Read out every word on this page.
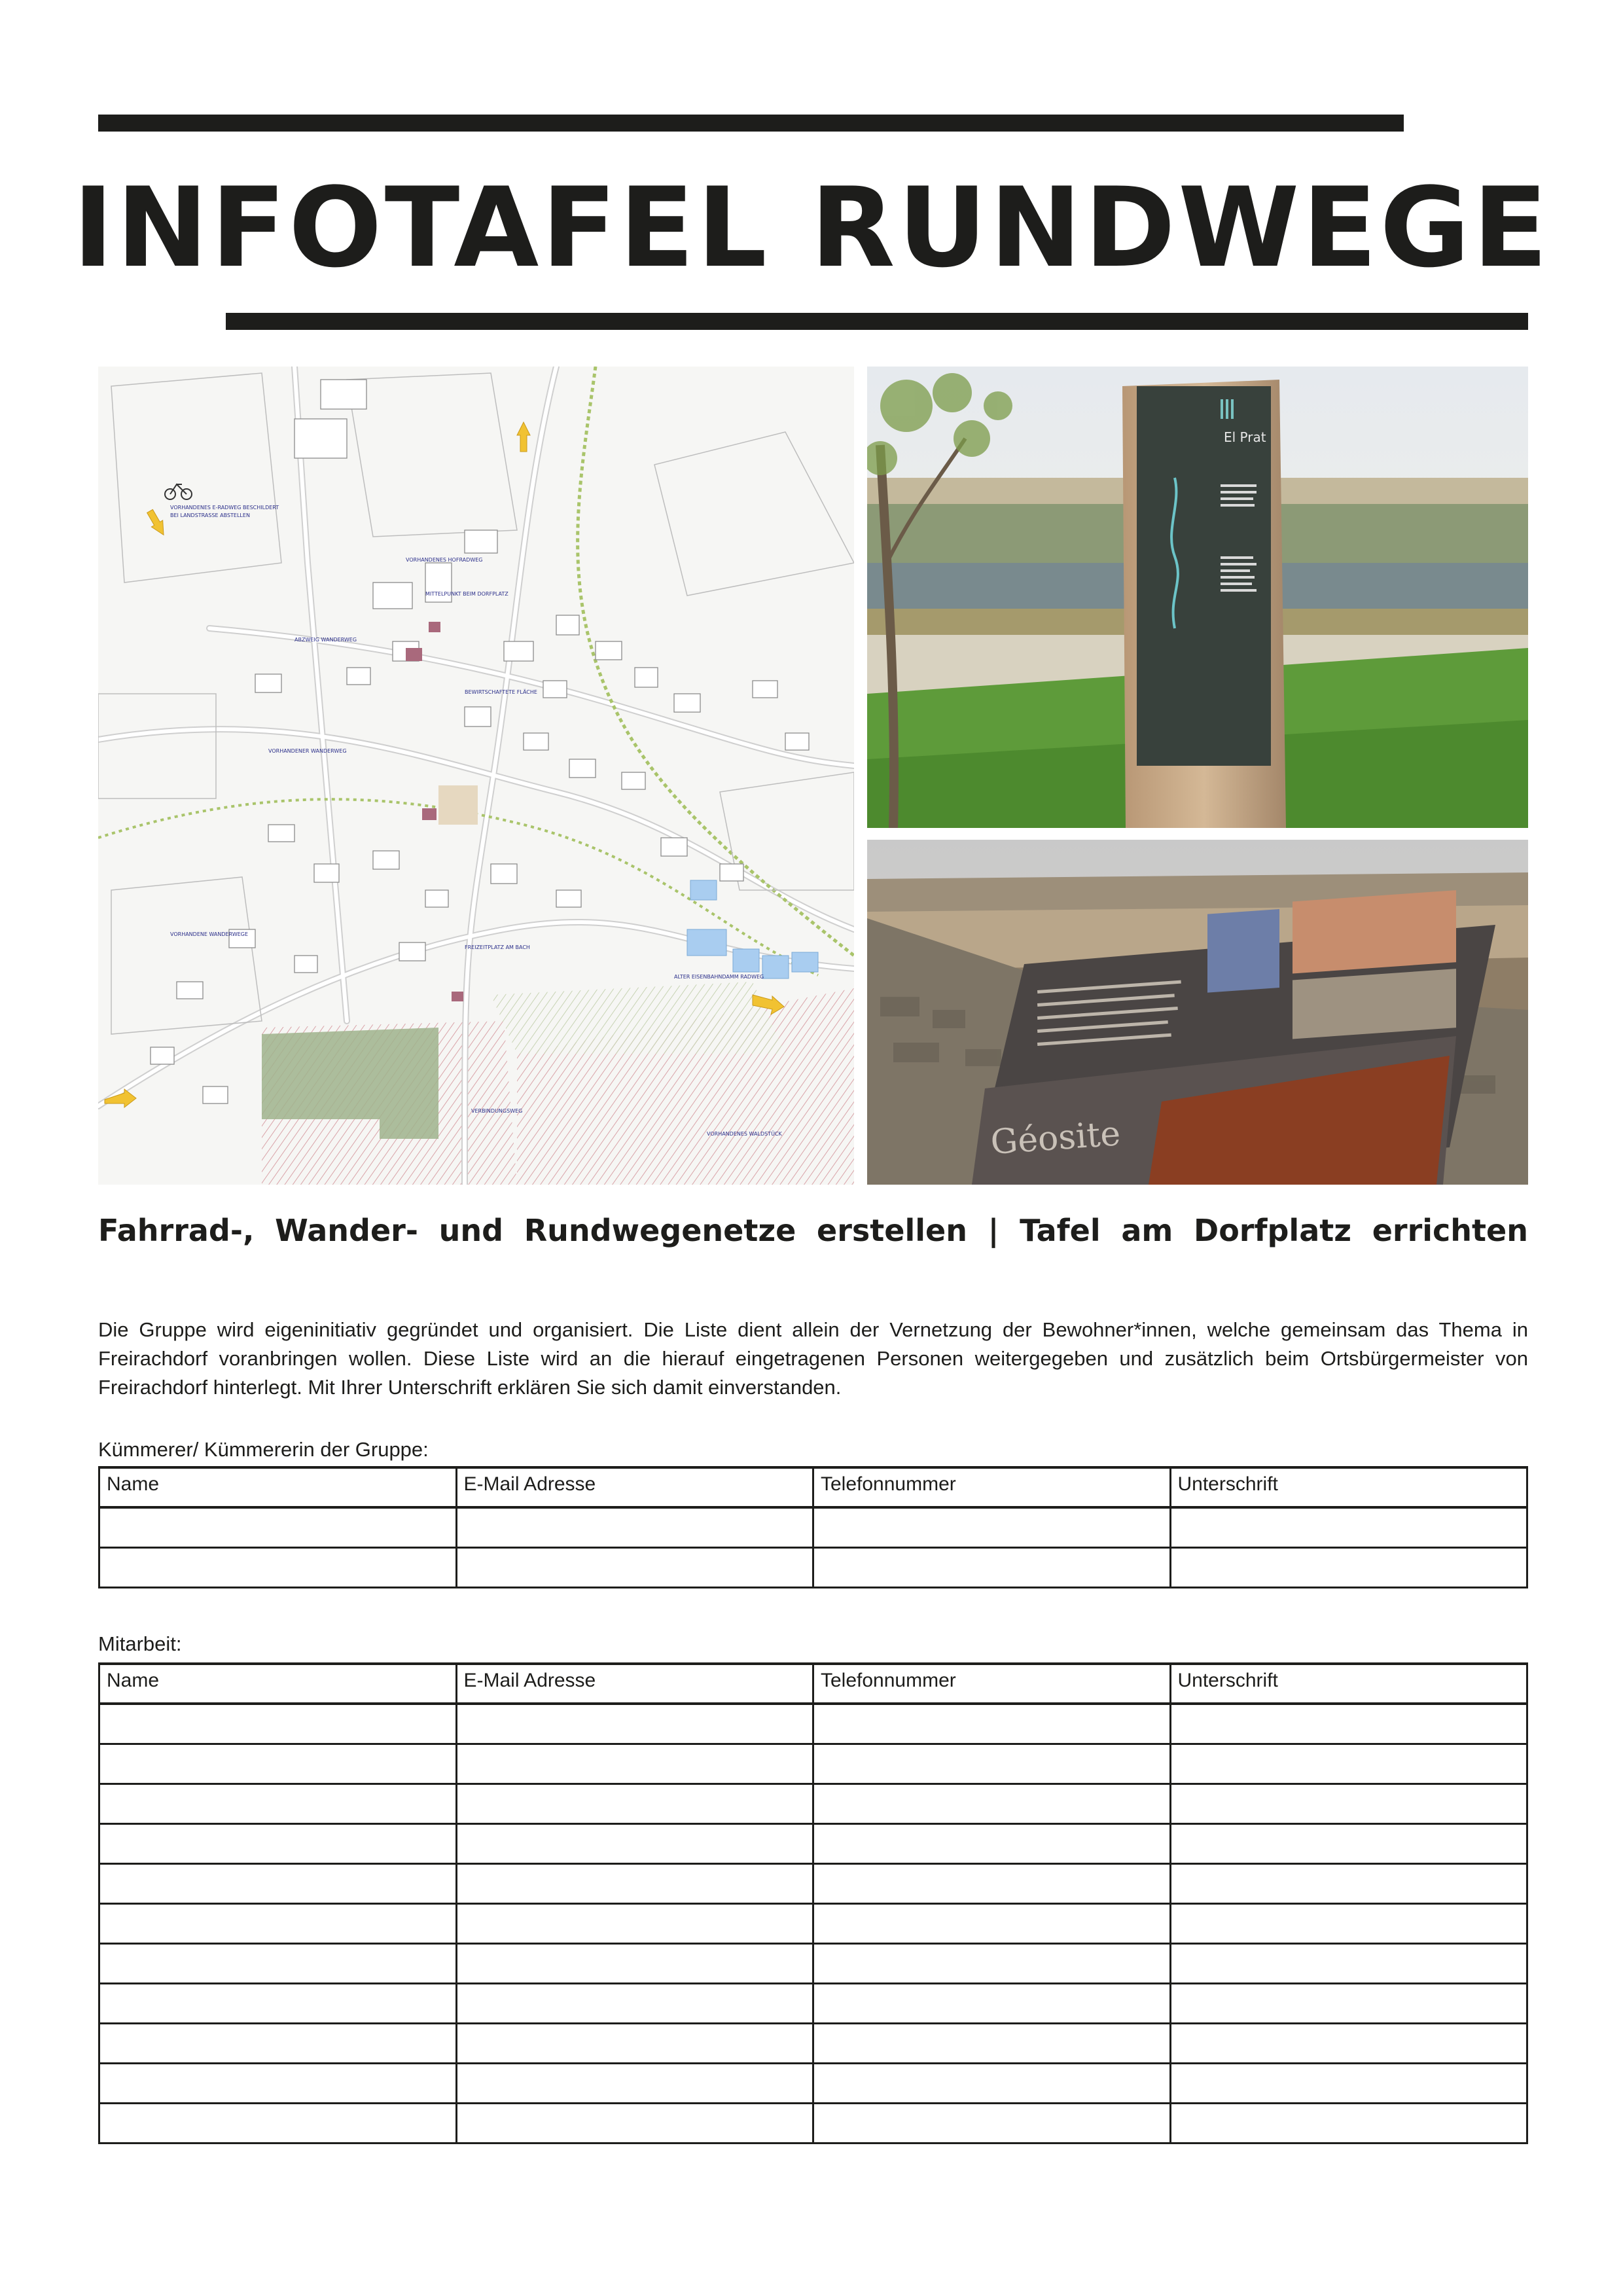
INFOTAFEL RUNDWEGE
VORHANDENES E-RADWEG BESCHILDERT
BEI LANDSTRASSE ABSTELLEN
VORHANDENES HOFRADWEG
MITTELPUNKT BEIM DORFPLATZ
ABZWEIG WANDERWEG
BEWIRTSCHAFTETE FLÄCHE
VORHANDENER WANDERWEG
VORHANDENE WANDERWEGE
FREIZEITPLATZ AM BACH
ALTER EISENBAHNDAMM RADWEG
VORHANDENES WALDSTÜCK
VERBINDUNGSWEG
El Prat
Géosite

Fahrrad-, Wander- und Rundwegenetze erstellen | Tafel am Dorfplatz errichten

Die Gruppe wird eigeninitiativ gegründet und organisiert. Die Liste dient allein der Vernetzung der Bewohner*innen, welche gemeinsam das Thema in Freirachdorf voranbringen wollen. Diese Liste wird an die hierauf eingetragenen Personen weitergegeben und zusätzlich beim Ortsbürgermeister von Freirachdorf hinterlegt. Mit Ihrer Unterschrift erklären Sie sich damit einverstanden.

Kümmerer/ Kümmererin der Gruppe:

Name	E-Mail Adresse	Telefonnummer	Unterschrift

Mitarbeit:

Name	E-Mail Adresse	Telefonnummer	Unterschrift
